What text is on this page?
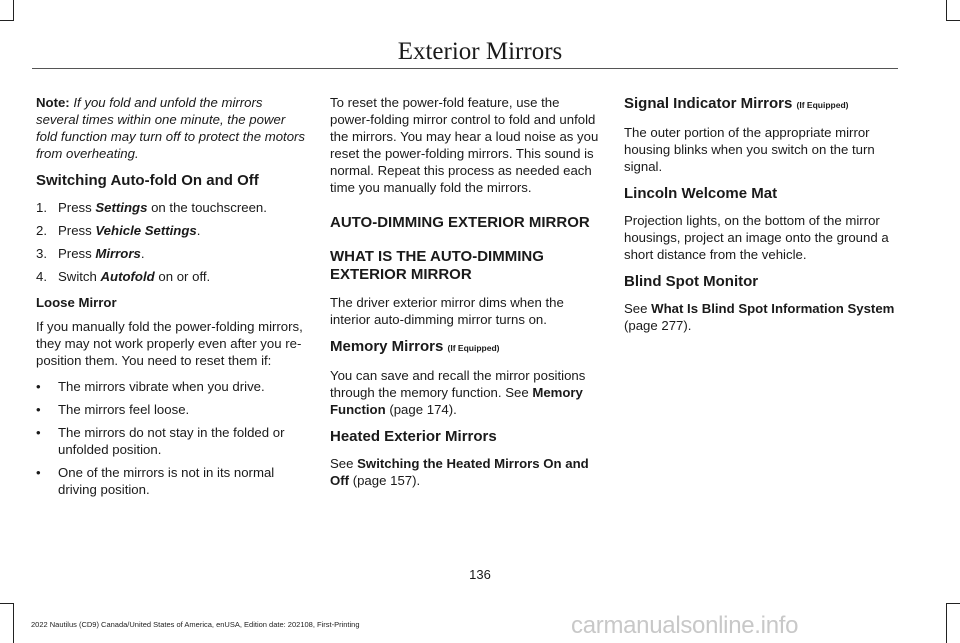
Exterior Mirrors

Note: If you fold and unfold the mirrors several times within one minute, the power fold function may turn off to protect the motors from overheating.

Switching Auto-fold On and Off
1. Press Settings on the touchscreen.
2. Press Vehicle Settings.
3. Press Mirrors.
4. Switch Autofold on or off.
Loose Mirror

If you manually fold the power-folding mirrors, they may not work properly even after you re-position them. You need to reset them if:

• The mirrors vibrate when you drive.
• The mirrors feel loose.
• The mirrors do not stay in the folded or unfolded position.
• One of the mirrors is not in its normal driving position.

To reset the power-fold feature, use the power-folding mirror control to fold and unfold the mirrors. You may hear a loud noise as you reset the power-folding mirrors. This sound is normal. Repeat this process as needed each time you manually fold the mirrors.

AUTO-DIMMING EXTERIOR MIRROR
WHAT IS THE AUTO-DIMMING EXTERIOR MIRROR

The driver exterior mirror dims when the interior auto-dimming mirror turns on.

Memory Mirrors (If Equipped)

You can save and recall the mirror positions through the memory function. See Memory Function (page 174).

Heated Exterior Mirrors

See Switching the Heated Mirrors On and Off (page 157).

Signal Indicator Mirrors (If Equipped)

The outer portion of the appropriate mirror housing blinks when you switch on the turn signal.

Lincoln Welcome Mat

Projection lights, on the bottom of the mirror housings, project an image onto the ground a short distance from the vehicle.

Blind Spot Monitor

See What Is Blind Spot Information System (page 277).

136
2022 Nautilus (CD9) Canada/United States of America, enUSA, Edition date: 202108, First-Printing	carmanualsonline.info
